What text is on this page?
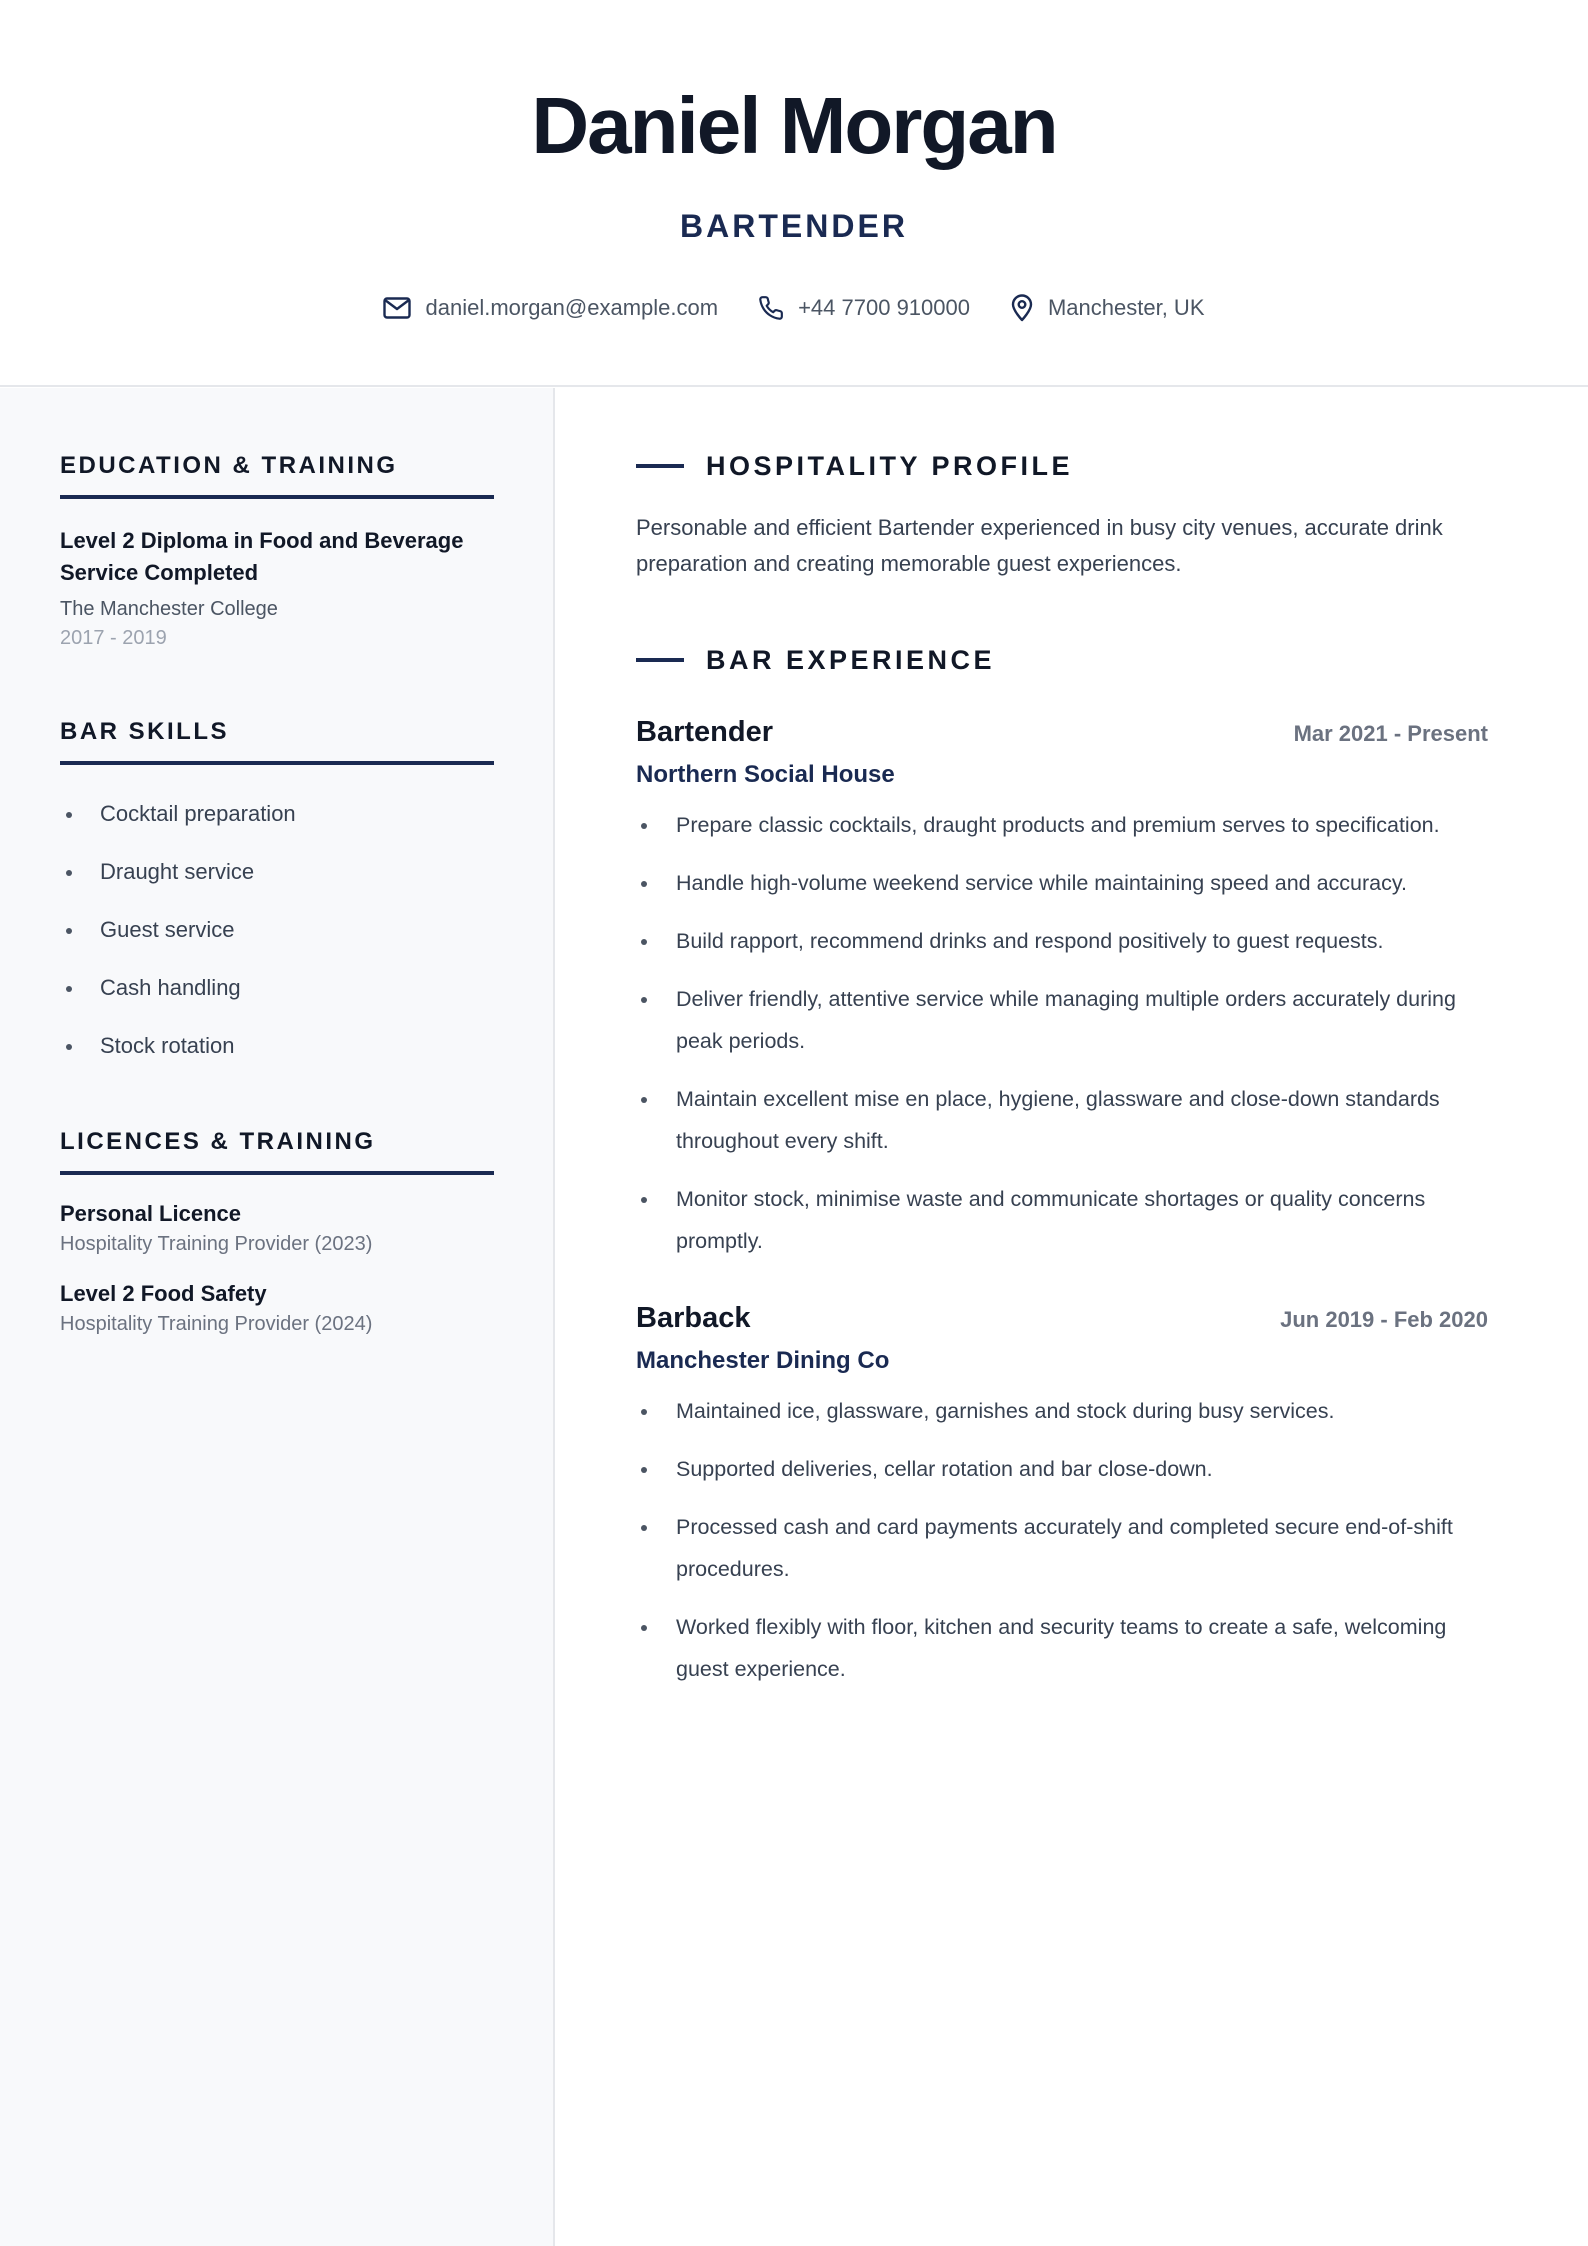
Daniel Morgan
BARTENDER
daniel.morgan@example.com	+44 7700 910000	Manchester, UK
EDUCATION & TRAINING
Level 2 Diploma in Food and Beverage Service Completed
The Manchester College
2017 - 2019
BAR SKILLS
Cocktail preparation
Draught service
Guest service
Cash handling
Stock rotation
LICENCES & TRAINING
Personal Licence
Hospitality Training Provider (2023)
Level 2 Food Safety
Hospitality Training Provider (2024)
HOSPITALITY PROFILE

Personable and efficient Bartender experienced in busy city venues, accurate drink preparation and creating memorable guest experiences.

BAR EXPERIENCE
Bartender	Mar 2021 - Present
Northern Social House
Prepare classic cocktails, draught products and premium serves to specification.
Handle high-volume weekend service while maintaining speed and accuracy.
Build rapport, recommend drinks and respond positively to guest requests.
Deliver friendly, attentive service while managing multiple orders accurately during peak periods.
Maintain excellent mise en place, hygiene, glassware and close-down standards throughout every shift.
Monitor stock, minimise waste and communicate shortages or quality concerns promptly.
Barback	Jun 2019 - Feb 2020
Manchester Dining Co
Maintained ice, glassware, garnishes and stock during busy services.
Supported deliveries, cellar rotation and bar close-down.
Processed cash and card payments accurately and completed secure end-of-shift procedures.
Worked flexibly with floor, kitchen and security teams to create a safe, welcoming guest experience.
